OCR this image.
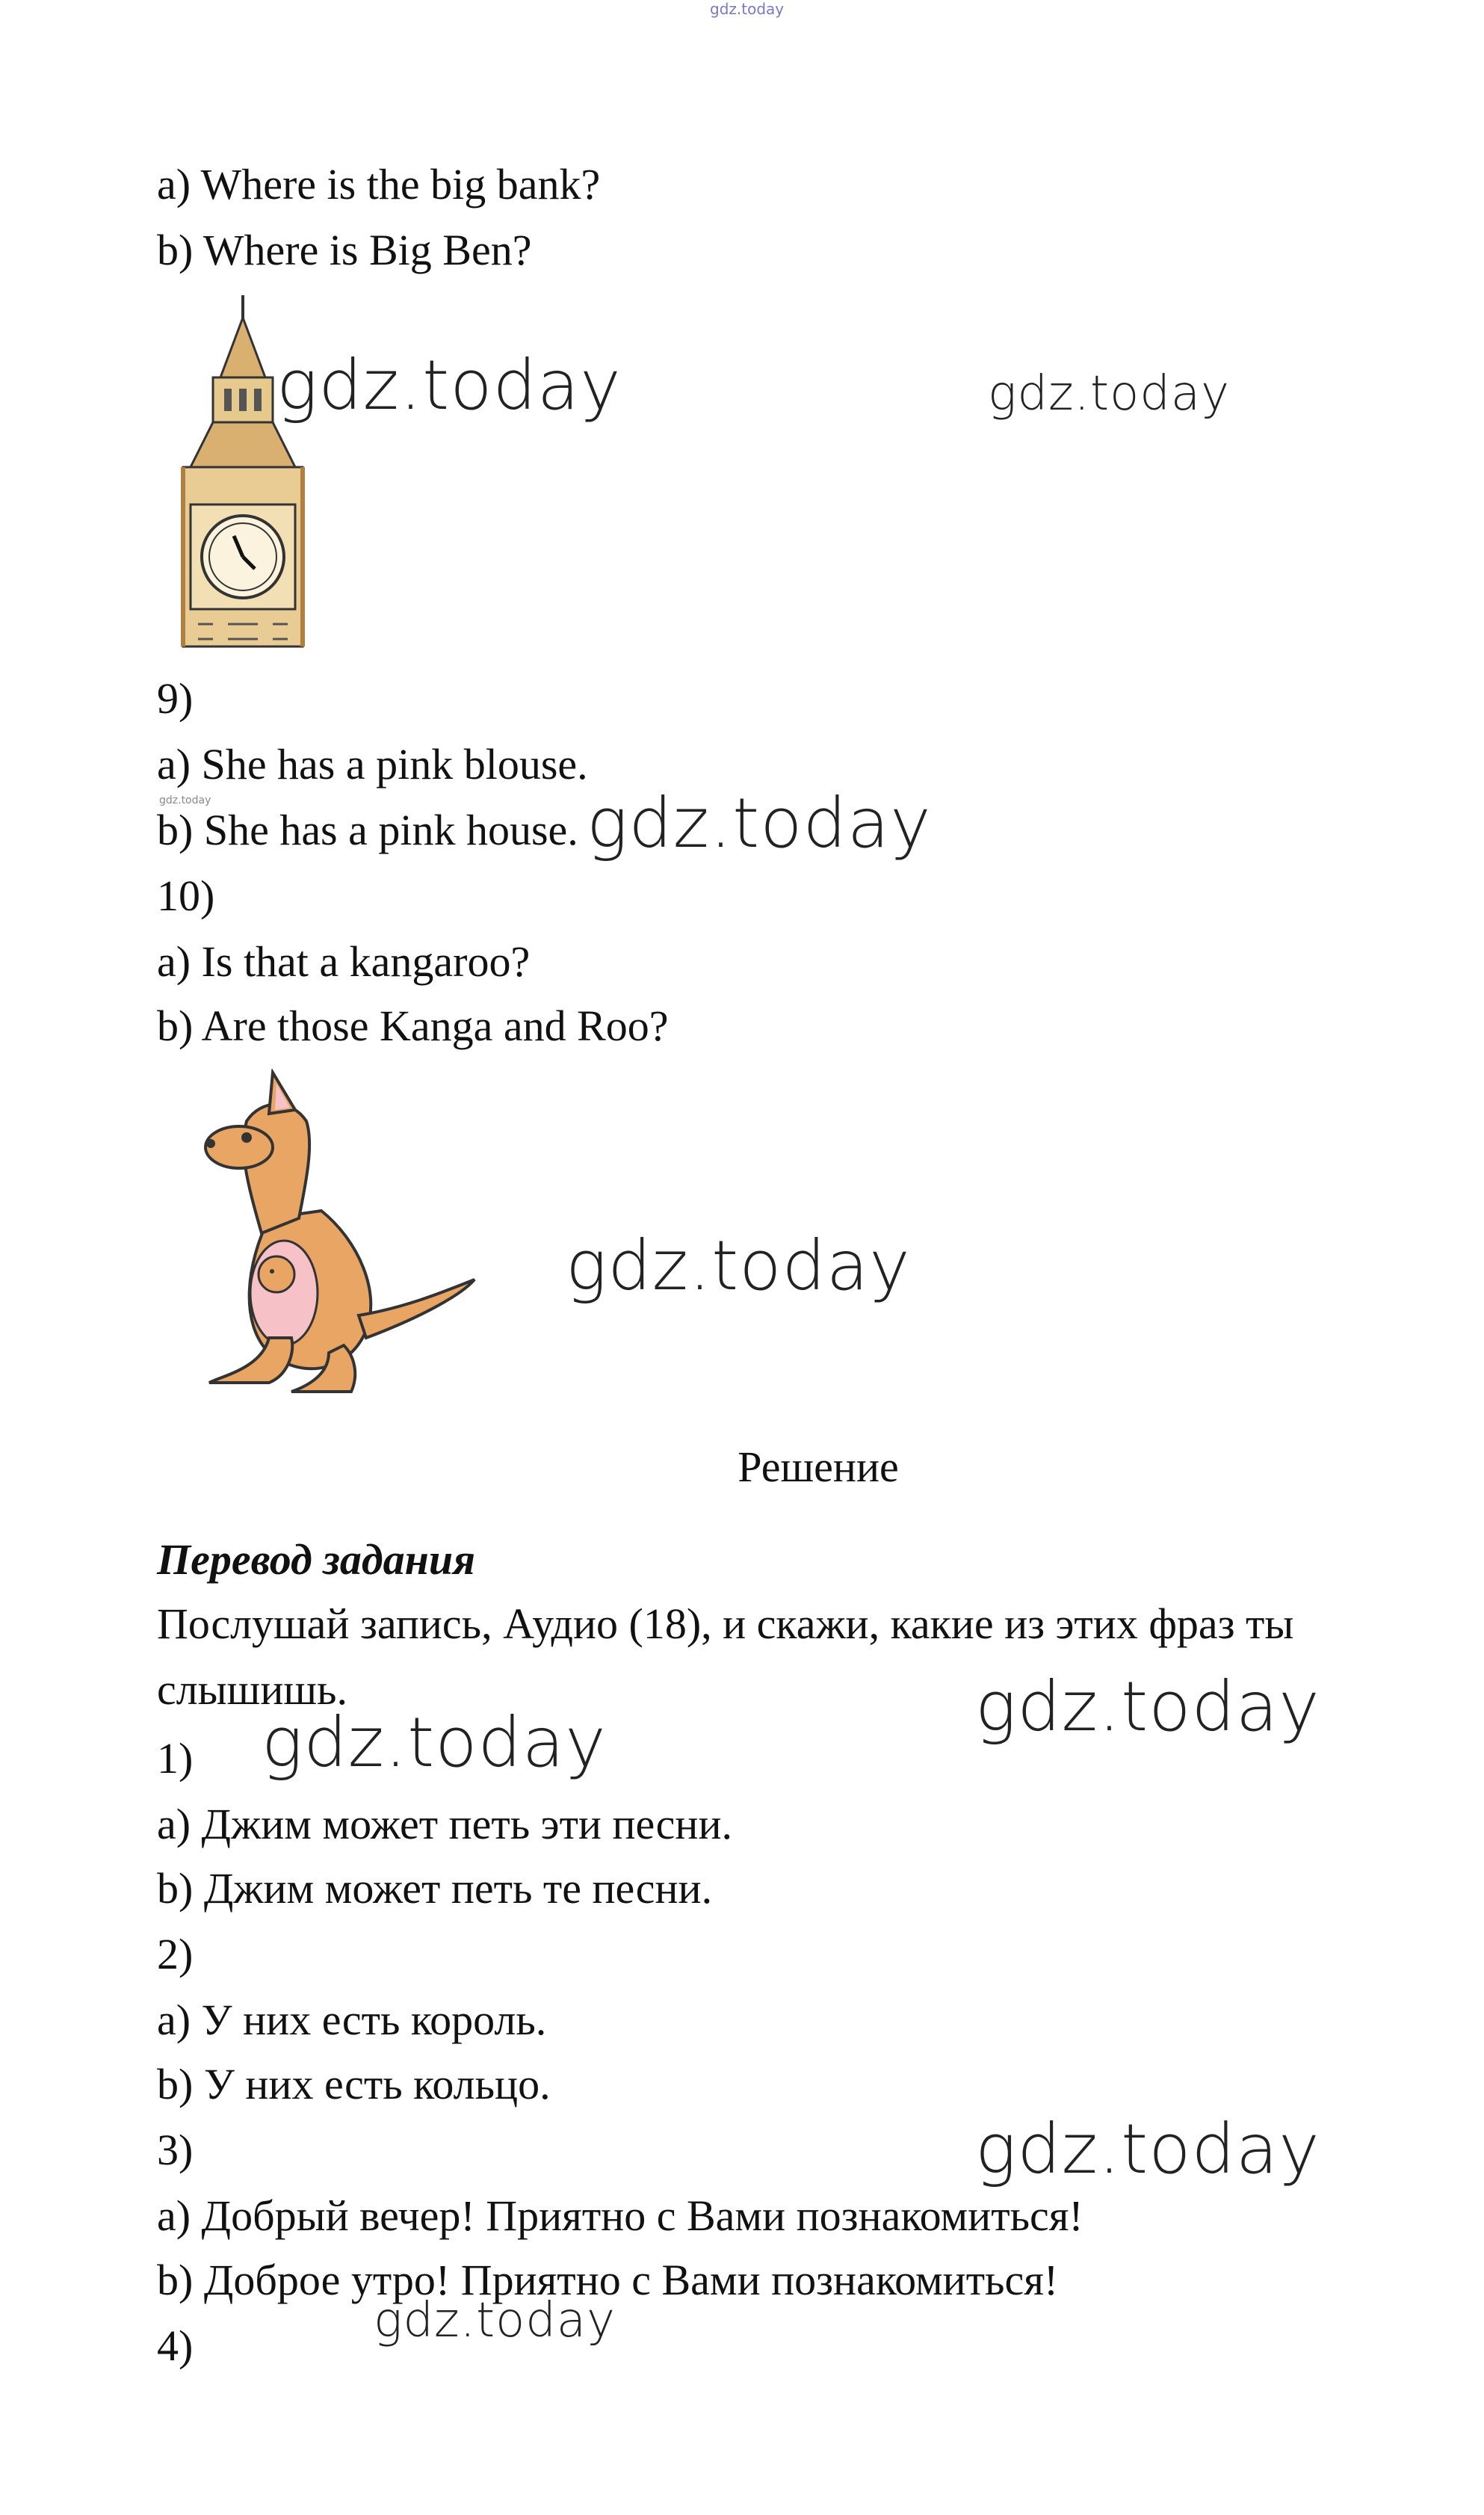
gdz.today
a) Where is the big bank?
b) Where is Big Ben?
gdz.today	gdz.today
9)
a) She has a pink blouse.
gdz.today
b) She has a pink house. gdz.today
10)
a) Is that a kangaroo?
b) Are those Kanga and Roo?
gdz.today
Решение
Перевод задания
Послушай запись, Аудио (18), и скажи, какие из этих фраз ты
слышишь.	gdz.today
1) gdz.today
a) Джим может петь эти песни.
b) Джим может петь те песни.
2)
a) У них есть король.
b) У них есть кольцо.
3)	gdz.today
a) Добрый вечер! Приятно с Вами познакомиться!
b) Доброе утро! Приятно с Вами познакомиться!
4)	gdz.today
